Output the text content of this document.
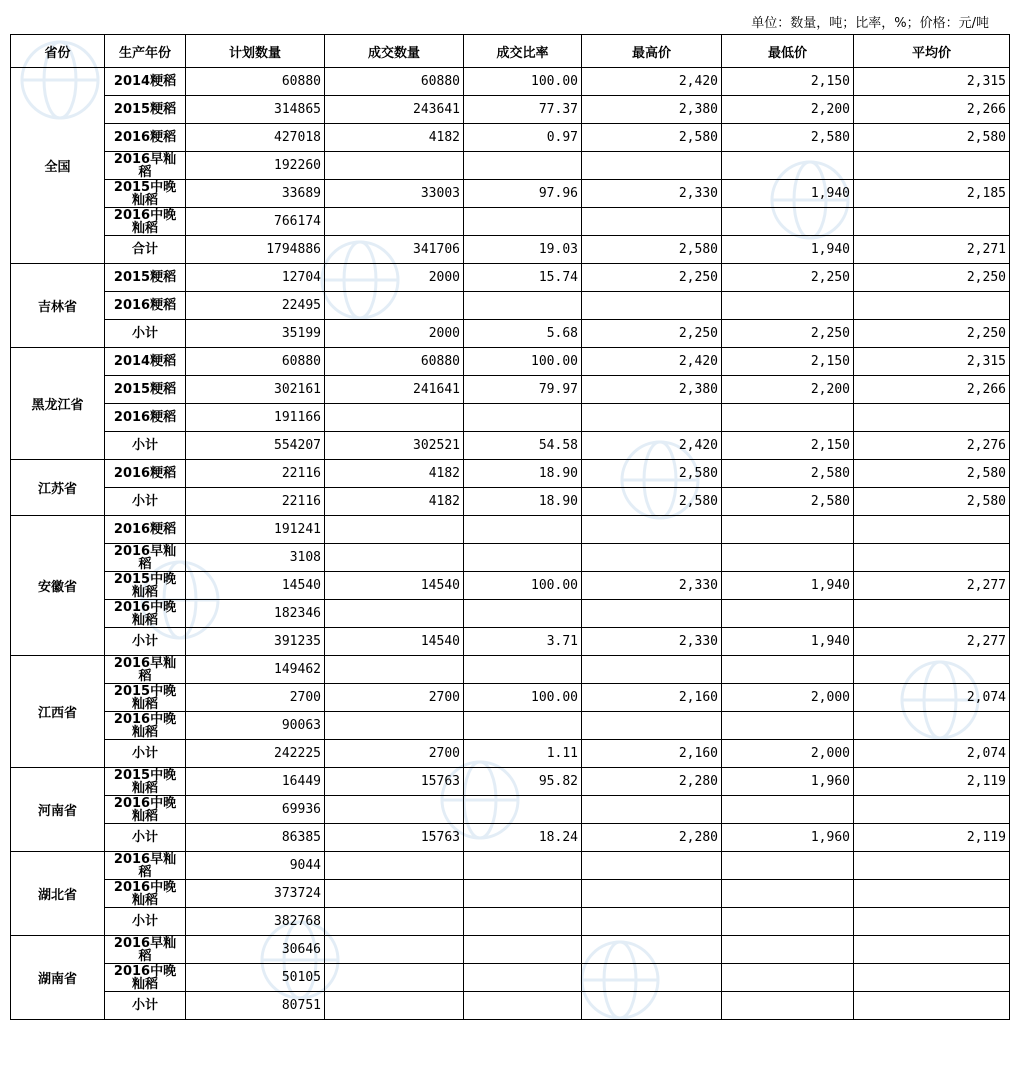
单位：数量，吨；比率，%；价格：元/吨
省份	生产年份	计划数量	成交数量	成交比率	最高价	最低价	平均价
全国	2014粳稻	60880	60880	100.00	2,420	2,150	2,315
	2015粳稻	314865	243641	77.37	2,380	2,200	2,266
	2016粳稻	427018	4182	0.97	2,580	2,580	2,580
	2016早籼稻	192260					
	2015中晚籼稻	33689	33003	97.96	2,330	1,940	2,185
	2016中晚籼稻	766174					
	合计	1794886	341706	19.03	2,580	1,940	2,271
吉林省	2015粳稻	12704	2000	15.74	2,250	2,250	2,250
	2016粳稻	22495					
	小计	35199	2000	5.68	2,250	2,250	2,250
黑龙江省	2014粳稻	60880	60880	100.00	2,420	2,150	2,315
	2015粳稻	302161	241641	79.97	2,380	2,200	2,266
	2016粳稻	191166					
	小计	554207	302521	54.58	2,420	2,150	2,276
江苏省	2016粳稻	22116	4182	18.90	2,580	2,580	2,580
	小计	22116	4182	18.90	2,580	2,580	2,580
安徽省	2016粳稻	191241					
	2016早籼稻	3108					
	2015中晚籼稻	14540	14540	100.00	2,330	1,940	2,277
	2016中晚籼稻	182346					
	小计	391235	14540	3.71	2,330	1,940	2,277
江西省	2016早籼稻	149462					
	2015中晚籼稻	2700	2700	100.00	2,160	2,000	2,074
	2016中晚籼稻	90063					
	小计	242225	2700	1.11	2,160	2,000	2,074
河南省	2015中晚籼稻	16449	15763	95.82	2,280	1,960	2,119
	2016中晚籼稻	69936					
	小计	86385	15763	18.24	2,280	1,960	2,119
湖北省	2016早籼稻	9044					
	2016中晚籼稻	373724					
	小计	382768					
湖南省	2016早籼稻	30646					
	2016中晚籼稻	50105					
	小计	80751					
